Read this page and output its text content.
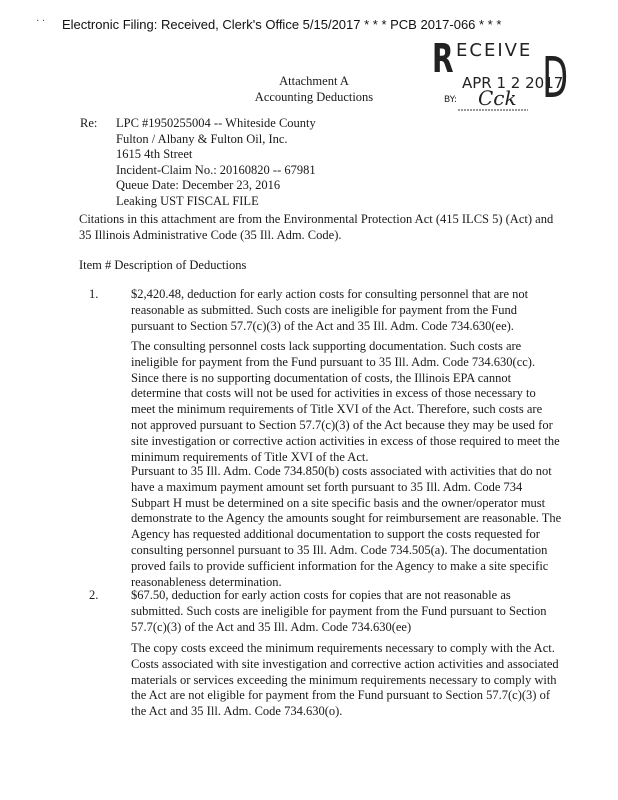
· · Electronic Filing: Received, Clerk's Office 5/15/2017 * * * PCB 2017-066 * * *
R ECEIVE D
APR 1 2 2017
BY: Cck
Attachment A
Accounting Deductions
Re: LPC #1950255004 -- Whiteside County
Fulton / Albany & Fulton Oil, Inc.
1615 4th Street
Incident-Claim No.: 20160820 -- 67981
Queue Date: December 23, 2016
Leaking UST FISCAL FILE
Citations in this attachment are from the Environmental Protection Act (415 ILCS 5) (Act) and
35 Illinois Administrative Code (35 Ill. Adm. Code).
Item # Description of Deductions
1.	$2,420.48, deduction for early action costs for consulting personnel that are not
reasonable as submitted. Such costs are ineligible for payment from the Fund
pursuant to Section 57.7(c)(3) of the Act and 35 Ill. Adm. Code 734.630(ee).
The consulting personnel costs lack supporting documentation. Such costs are
ineligible for payment from the Fund pursuant to 35 Ill. Adm. Code 734.630(cc).
Since there is no supporting documentation of costs, the Illinois EPA cannot
determine that costs will not be used for activities in excess of those necessary to
meet the minimum requirements of Title XVI of the Act. Therefore, such costs are
not approved pursuant to Section 57.7(c)(3) of the Act because they may be used for
site investigation or corrective action activities in excess of those required to meet the
minimum requirements of Title XVI of the Act.
Pursuant to 35 Ill. Adm. Code 734.850(b) costs associated with activities that do not
have a maximum payment amount set forth pursuant to 35 Ill. Adm. Code 734
Subpart H must be determined on a site specific basis and the owner/operator must
demonstrate to the Agency the amounts sought for reimbursement are reasonable. The
Agency has requested additional documentation to support the costs requested for
consulting personnel pursuant to 35 Ill. Adm. Code 734.505(a). The documentation
proved fails to provide sufficient information for the Agency to make a site specific
reasonableness determination.
2.	$67.50, deduction for early action costs for copies that are not reasonable as
submitted. Such costs are ineligible for payment from the Fund pursuant to Section
57.7(c)(3) of the Act and 35 Ill. Adm. Code 734.630(ee)
The copy costs exceed the minimum requirements necessary to comply with the Act.
Costs associated with site investigation and corrective action activities and associated
materials or services exceeding the minimum requirements necessary to comply with
the Act are not eligible for payment from the Fund pursuant to Section 57.7(c)(3) of
the Act and 35 Ill. Adm. Code 734.630(o).
